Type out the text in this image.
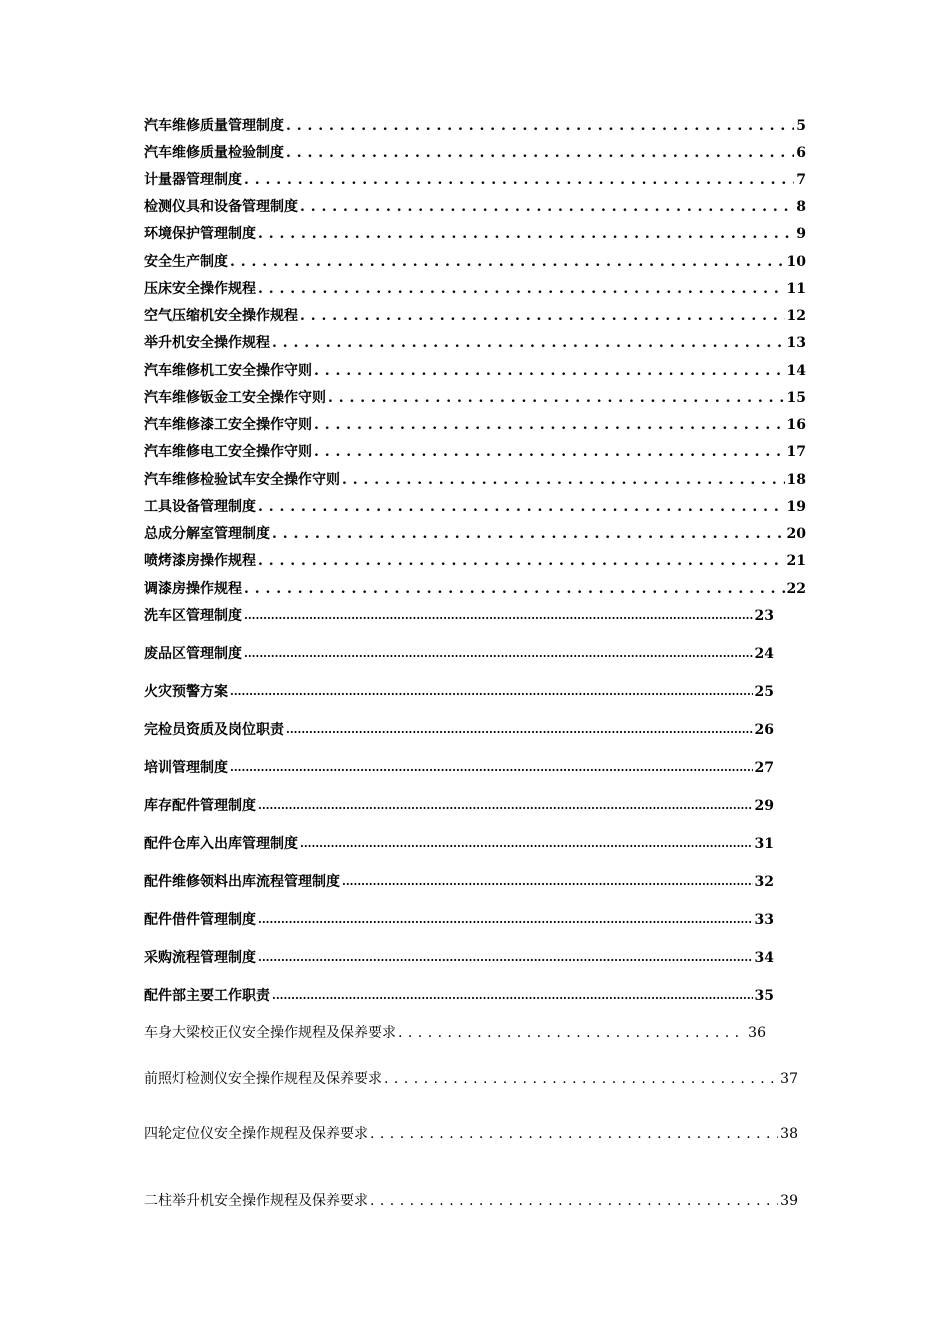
汽车维修质量管理制度 . . .	5
汽车维修质量检验制度 . . .	6
计量器管理制度 . . .	7
检测仪具和设备管理制度 . . .	8
环境保护管理制度 . . .	9
安全生产制度 . . .	10
压床安全操作规程 . . .	11
空气压缩机安全操作规程 . . .	12
举升机安全操作规程 . . .	13
汽车维修机工安全操作守则 . . .	14
汽车维修钣金工安全操作守则 . . .	15
汽车维修漆工安全操作守则 . . .	16
汽车维修电工安全操作守则 . . .	17
汽车维修检验试车安全操作守则 . . .	18
工具设备管理制度 . . .	19
总成分解室管理制度 . . .	20
喷烤漆房操作规程 . . .	21
调漆房操作规程 . . .	22
洗车区管理制度 .....	23
废品区管理制度 .....	24
火灾预警方案 .....	25
完检员资质及岗位职责 .....	26
培训管理制度 .....	27
库存配件管理制度 .....	29
配件仓库入出库管理制度 .....	31
配件维修领料出库流程管理制度 .....	32
配件借件管理制度 .....	33
采购流程管理制度 .....	34
配件部主要工作职责 .....	35
车身大梁校正仪安全操作规程及保养要求 . . .	36
前照灯检测仪安全操作规程及保养要求 . . .	37
四轮定位仪安全操作规程及保养要求 . . .	38
二柱举升机安全操作规程及保养要求 . . .	39
